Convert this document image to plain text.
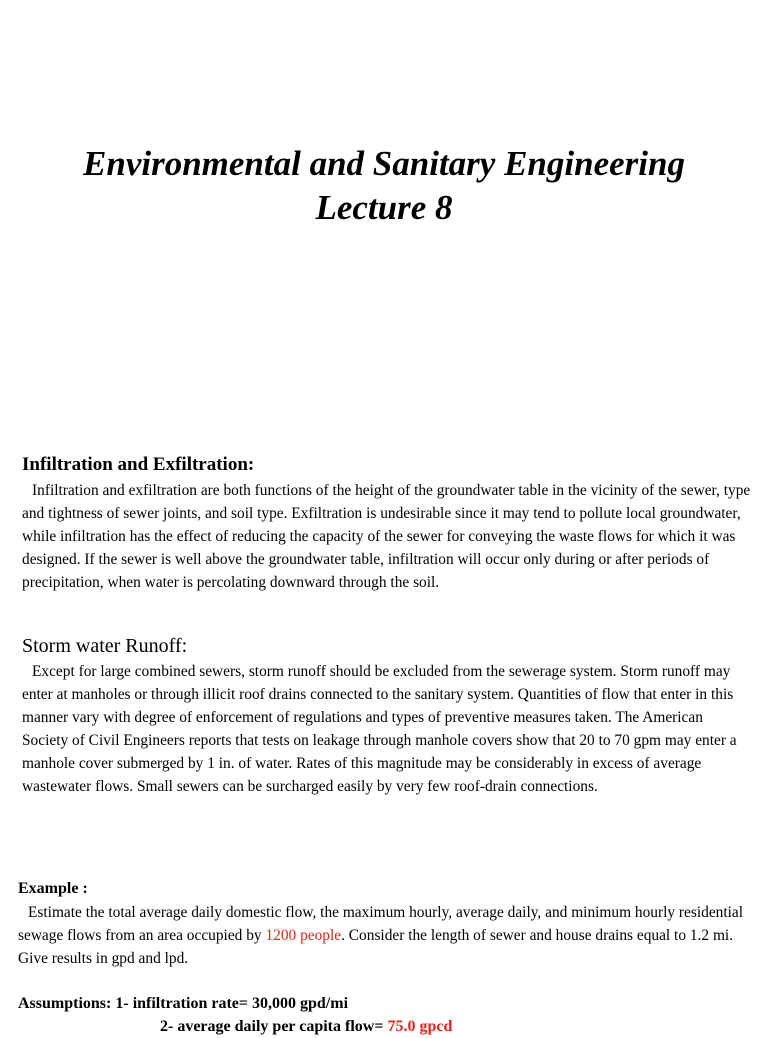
Environmental and Sanitary Engineering
Lecture 8
Infiltration and Exfiltration:

Infiltration and exfiltration are both functions of the height of the groundwater table in the vicinity of the sewer, type and tightness of sewer joints, and soil type. Exfiltration is undesirable since it may tend to pollute local groundwater, while infiltration has the effect of reducing the capacity of the sewer for conveying the waste flows for which it was designed. If the sewer is well above the groundwater table, infiltration will occur only during or after periods of precipitation, when water is percolating downward through the soil.

Storm water Runoff:

Except for large combined sewers, storm runoff should be excluded from the sewerage system. Storm runoff may enter at manholes or through illicit roof drains connected to the sanitary system. Quantities of flow that enter in this manner vary with degree of enforcement of regulations and types of preventive measures taken. The American Society of Civil Engineers reports that tests on leakage through manhole covers show that 20 to 70 gpm may enter a manhole cover submerged by 1 in. of water. Rates of this magnitude may be considerably in excess of average wastewater flows. Small sewers can be surcharged easily by very few roof-drain connections.

Example :

Estimate the total average daily domestic flow, the maximum hourly, average daily, and minimum hourly residential sewage flows from an area occupied by 1200 people. Consider the length of sewer and house drains equal to 1.2 mi. Give results in gpd and lpd.

Assumptions: 1- infiltration rate= 30,000 gpd/mi
2- average daily per capita flow= 75.0 gpcd
